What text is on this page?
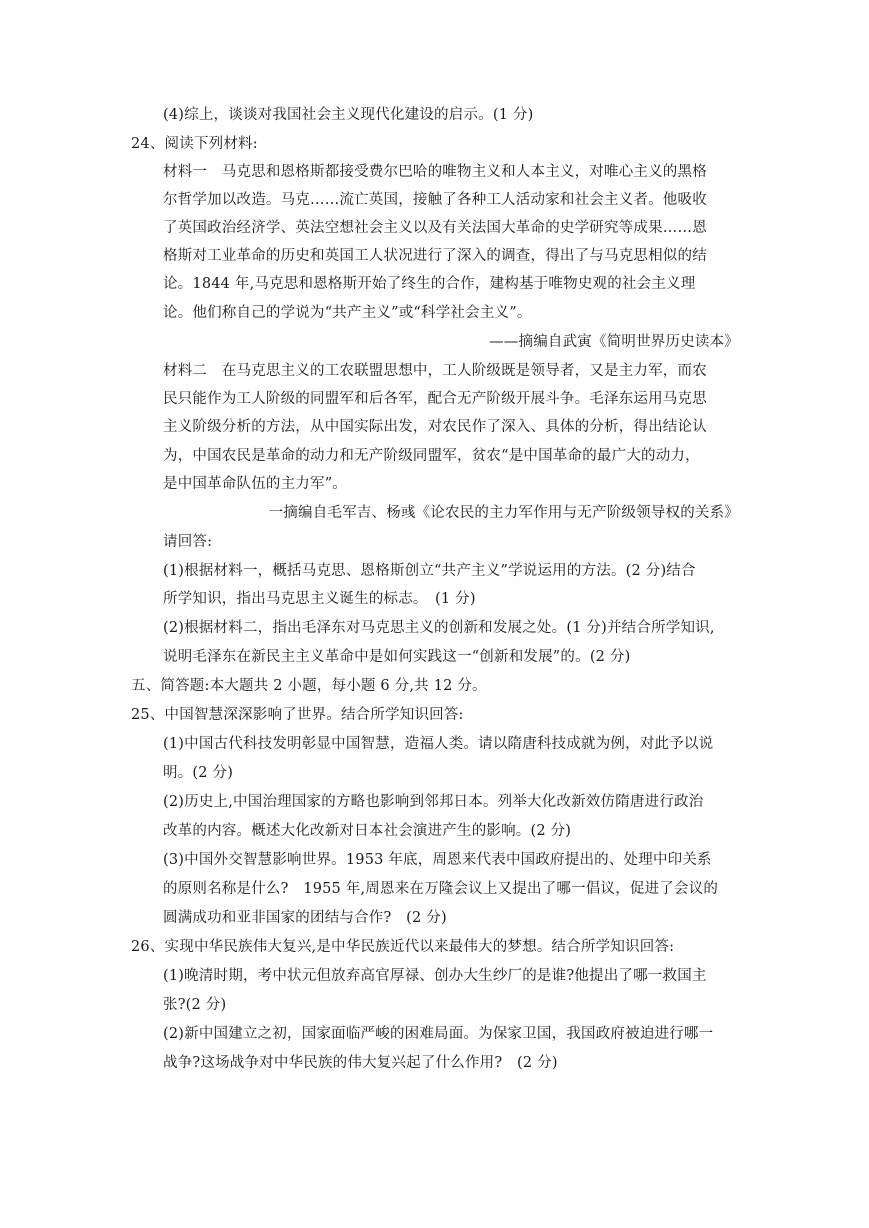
(4)综上，谈谈对我国社会主义现代化建设的启示。(1 分)
24、阅读下列材料:
材料一　马克思和恩格斯都接受费尔巴哈的唯物主义和人本主义，对唯心主义的黑格
尔哲学加以改造。马克……流亡英国，接触了各种工人活动家和社会主义者。他吸收
了英国政治经济学、英法空想社会主义以及有关法国大革命的史学研究等成果……恩
格斯对工业革命的历史和英国工人状况进行了深入的调查，得出了与马克思相似的结
论。1844 年,马克思和恩格斯开始了终生的合作，建构基于唯物史观的社会主义理
论。他们称自己的学说为“共产主义”或“科学社会主义”。
——摘编自武寅《简明世界历史读本》
材料二　在马克思主义的工农联盟思想中，工人阶级既是领导者，又是主力军，而农
民只能作为工人阶级的同盟军和后各军，配合无产阶级开展斗争。毛泽东运用马克思
主义阶级分析的方法，从中国实际出发，对农民作了深入、具体的分析，得出结论认
为，中国农民是革命的动力和无产阶级同盟军，贫农“是中国革命的最广大的动力，
是中国革命队伍的主力军”。
一摘编自毛军吉、杨彧《论农民的主力军作用与无产阶级领导权的关系》
请回答:
(1)根据材料一，概括马克思、恩格斯创立“共产主义”学说运用的方法。(2 分)结合
所学知识，指出马克思主义诞生的标志。　(1 分)
(2)根据材料二，指出毛泽东对马克思主义的创新和发展之处。(1 分)并结合所学知识,
说明毛泽东在新民主主义革命中是如何实践这一“创新和发展”的。(2 分)
五、简答题:本大题共 2 小题，每小题 6 分,共 12 分。
25、中国智慧深深影响了世界。结合所学知识回答:
(1)中国古代科技发明彰显中国智慧，造福人类。请以隋唐科技成就为例，对此予以说
明。(2 分)
(2)历史上,中国治理国家的方略也影响到邻邦日本。列举大化改新效仿隋唐进行政治
改革的内容。概述大化改新对日本社会演进产生的影响。(2 分)
(3)中国外交智慧影响世界。1953 年底，周恩来代表中国政府提出的、处理中印关系
的原则名称是什么?　1955 年,周恩来在万隆会议上又提出了哪一倡议，促进了会议的
圆满成功和亚非国家的团结与合作?　(2 分)
26、实现中华民族伟大复兴,是中华民族近代以来最伟大的梦想。结合所学知识回答:
(1)晚清时期，考中状元但放弃高官厚禄、创办大生纱厂的是谁?他提出了哪一救国主
张?(2 分)
(2)新中国建立之初，国家面临严峻的困难局面。为保家卫国，我国政府被迫进行哪一
战争?这场战争对中华民族的伟大复兴起了什么作用?　(2 分)
